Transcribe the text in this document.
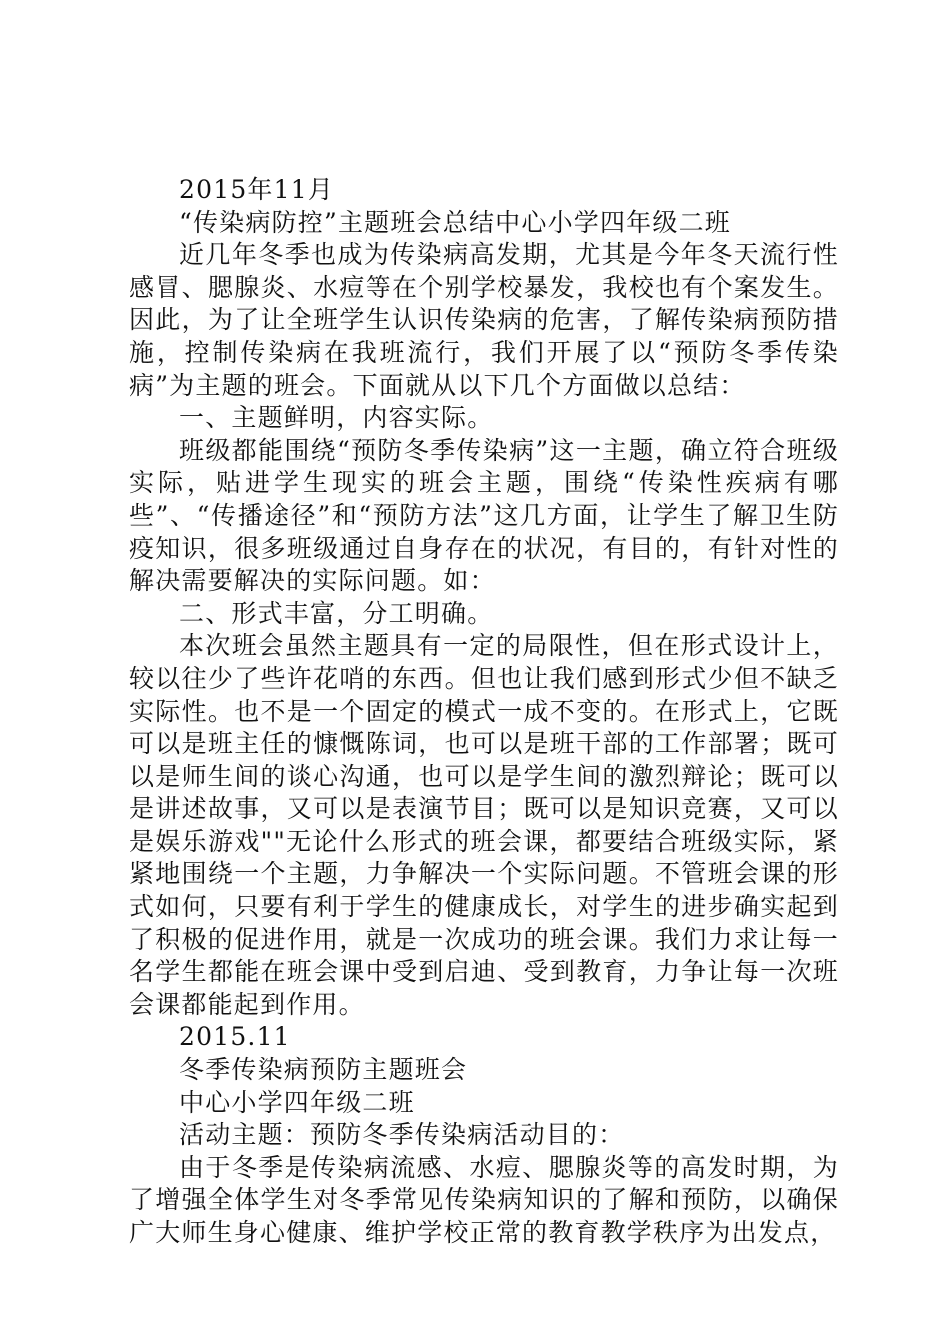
2015年11月

“传染病防控”主题班会总结中心小学四年级二班

近几年冬季也成为传染病高发期，尤其是今年冬天流行性感冒、腮腺炎、水痘等在个别学校暴发，我校也有个案发生。因此，为了让全班学生认识传染病的危害，了解传染病预防措施，控制传染病在我班流行，我们开展了以“预防冬季传染病”为主题的班会。下面就从以下几个方面做以总结：

一、主题鲜明，内容实际。

班级都能围绕“预防冬季传染病”这一主题，确立符合班级实际，贴进学生现实的班会主题，围绕“传染性疾病有哪些”、“传播途径”和“预防方法”这几方面，让学生了解卫生防疫知识，很多班级通过自身存在的状况，有目的，有针对性的解决需要解决的实际问题。如：

二、形式丰富，分工明确。

本次班会虽然主题具有一定的局限性，但在形式设计上，较以往少了些许花哨的东西。但也让我们感到形式少但不缺乏实际性。也不是一个固定的模式一成不变的。在形式上，它既可以是班主任的慷慨陈词，也可以是班干部的工作部署；既可以是师生间的谈心沟通，也可以是学生间的激烈辩论；既可以是讲述故事，又可以是表演节目；既可以是知识竞赛，又可以是娱乐游戏""无论什么形式的班会课，都要结合班级实际，紧紧地围绕一个主题，力争解决一个实际问题。不管班会课的形式如何，只要有利于学生的健康成长，对学生的进步确实起到了积极的促进作用，就是一次成功的班会课。我们力求让每一名学生都能在班会课中受到启迪、受到教育，力争让每一次班会课都能起到作用。

2015.11

冬季传染病预防主题班会

中心小学四年级二班

活动主题：预防冬季传染病活动目的：

由于冬季是传染病流感、水痘、腮腺炎等的高发时期，为了增强全体学生对冬季常见传染病知识的了解和预防，以确保广大师生身心健康、维护学校正常的教育教学秩序为出发点，
